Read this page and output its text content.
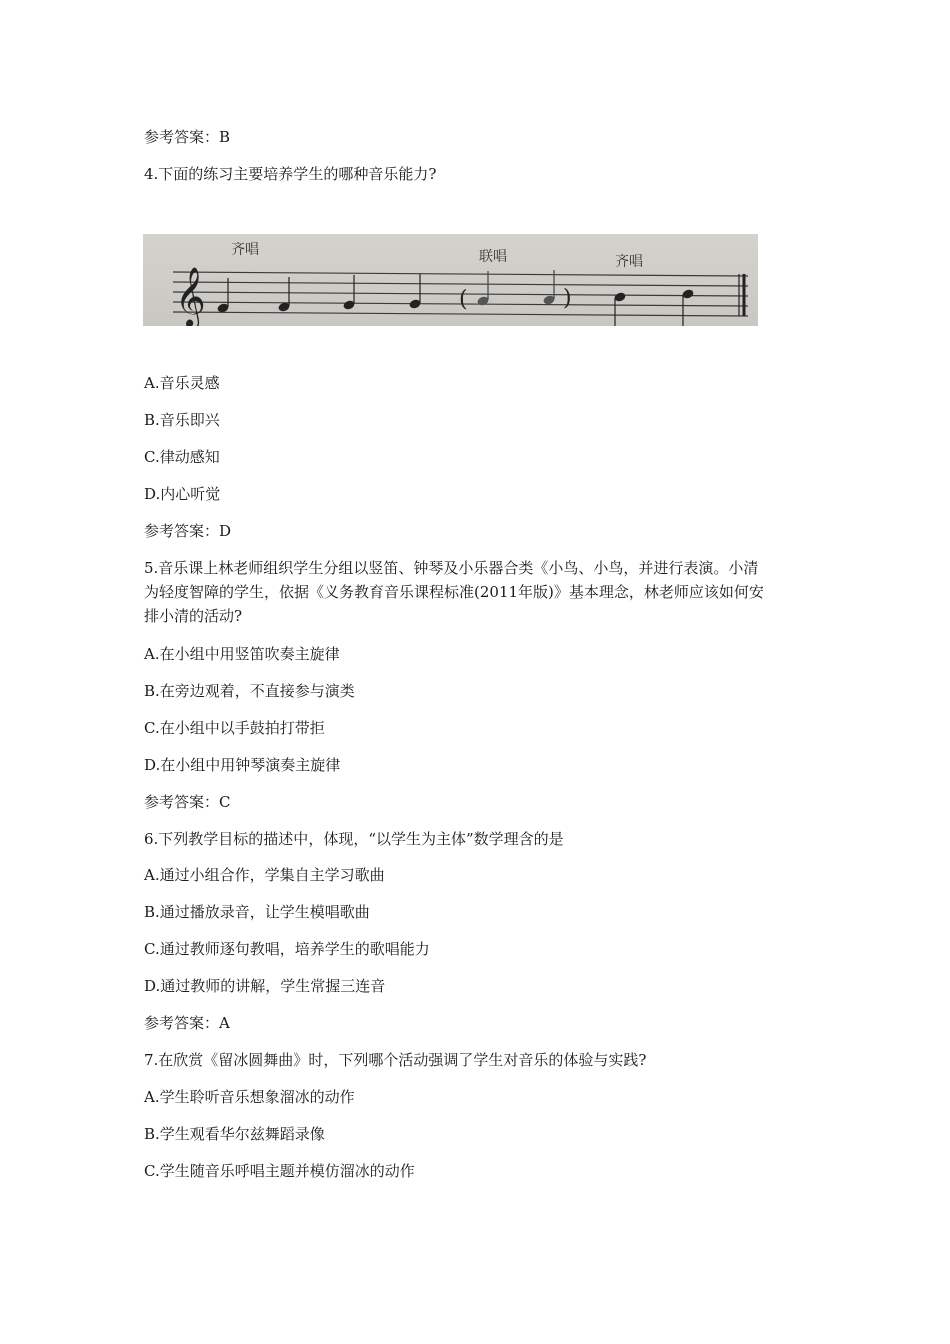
参考答案：B
4.下面的练习主要培养学生的哪种音乐能力?
𝄞
齐唱	联唱	齐唱
(	)
A.音乐灵感
B.音乐即兴
C.律动感知
D.内心听觉
参考答案：D
5.音乐课上林老师组织学生分组以竖笛、钟琴及小乐器合类《小鸟、小鸟，并进行表演。小清
为轻度智障的学生，依据《义务教育音乐课程标准(2011年版)》基本理念，林老师应该如何安
排小清的活动?
A.在小组中用竖笛吹奏主旋律
B.在旁边观着，不直接参与演类
C.在小组中以手鼓拍打带拒
D.在小组中用钟琴演奏主旋律
参考答案：C
6.下列教学目标的描述中，体现，“以学生为主体”数学理含的是
A.通过小组合作，学集自主学习歌曲
B.通过播放录音，让学生模唱歌曲
C.通过教师逐句教唱，培养学生的歌唱能力
D.通过教师的讲解，学生常握三连音
参考答案：A
7.在欣赏《留冰圆舞曲》时，下列哪个活动强调了学生对音乐的体验与实践?
A.学生聆听音乐想象溜冰的动作
B.学生观看华尔兹舞蹈录像
C.学生随音乐呼唱主题并模仿溜冰的动作
